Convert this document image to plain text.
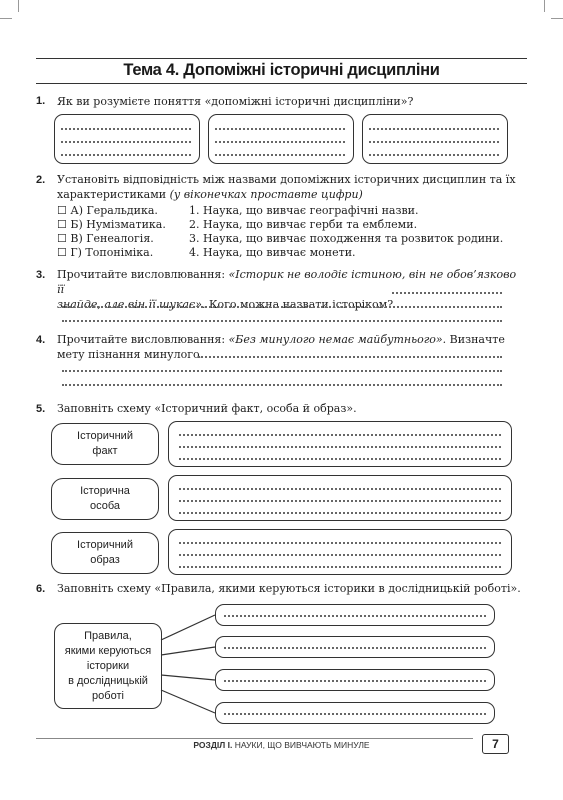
Тема 4. Допоміжні історичні дисципліни
1. Як ви розумієте поняття «допоміжні історичні дисципліни»?
2. Установіть відповідність між назвами допоміжних історичних дисциплин та їх
характеристиками (у віконечках проставте цифри)
☐ А) Геральдика.
☐ Б) Нумізматика.
☐ В) Генеалогія.
☐ Г) Топоніміка.
1. Наука, що вивчає географічні назви.
2. Наука, що вивчає герби та емблеми.
3. Наука, що вивчає походження та розвиток родини.
4. Наука, що вивчає монети.
3. Прочитайте висловлювання: «Історик не володіє істиною, він не обов’язково її
знайде, але він її шукає». Кого можна назвати історіком?
4. Прочитайте висловлювання: «Без минулого немає майбутнього». Визначте
мету пізнання минулого.
5. Заповніть схему «Історичний факт, особа й образ».
Історичний
факт
Історична
особа
Історичний
образ
6. Заповніть схему «Правила, якими керуються історики в дослідницькій роботі».
Правила,
якими керуються
історики
в дослідницькій
роботі
РОЗДІЛ І. НАУКИ, ЩО ВИВЧАЮТЬ МИНУЛЕ	7
